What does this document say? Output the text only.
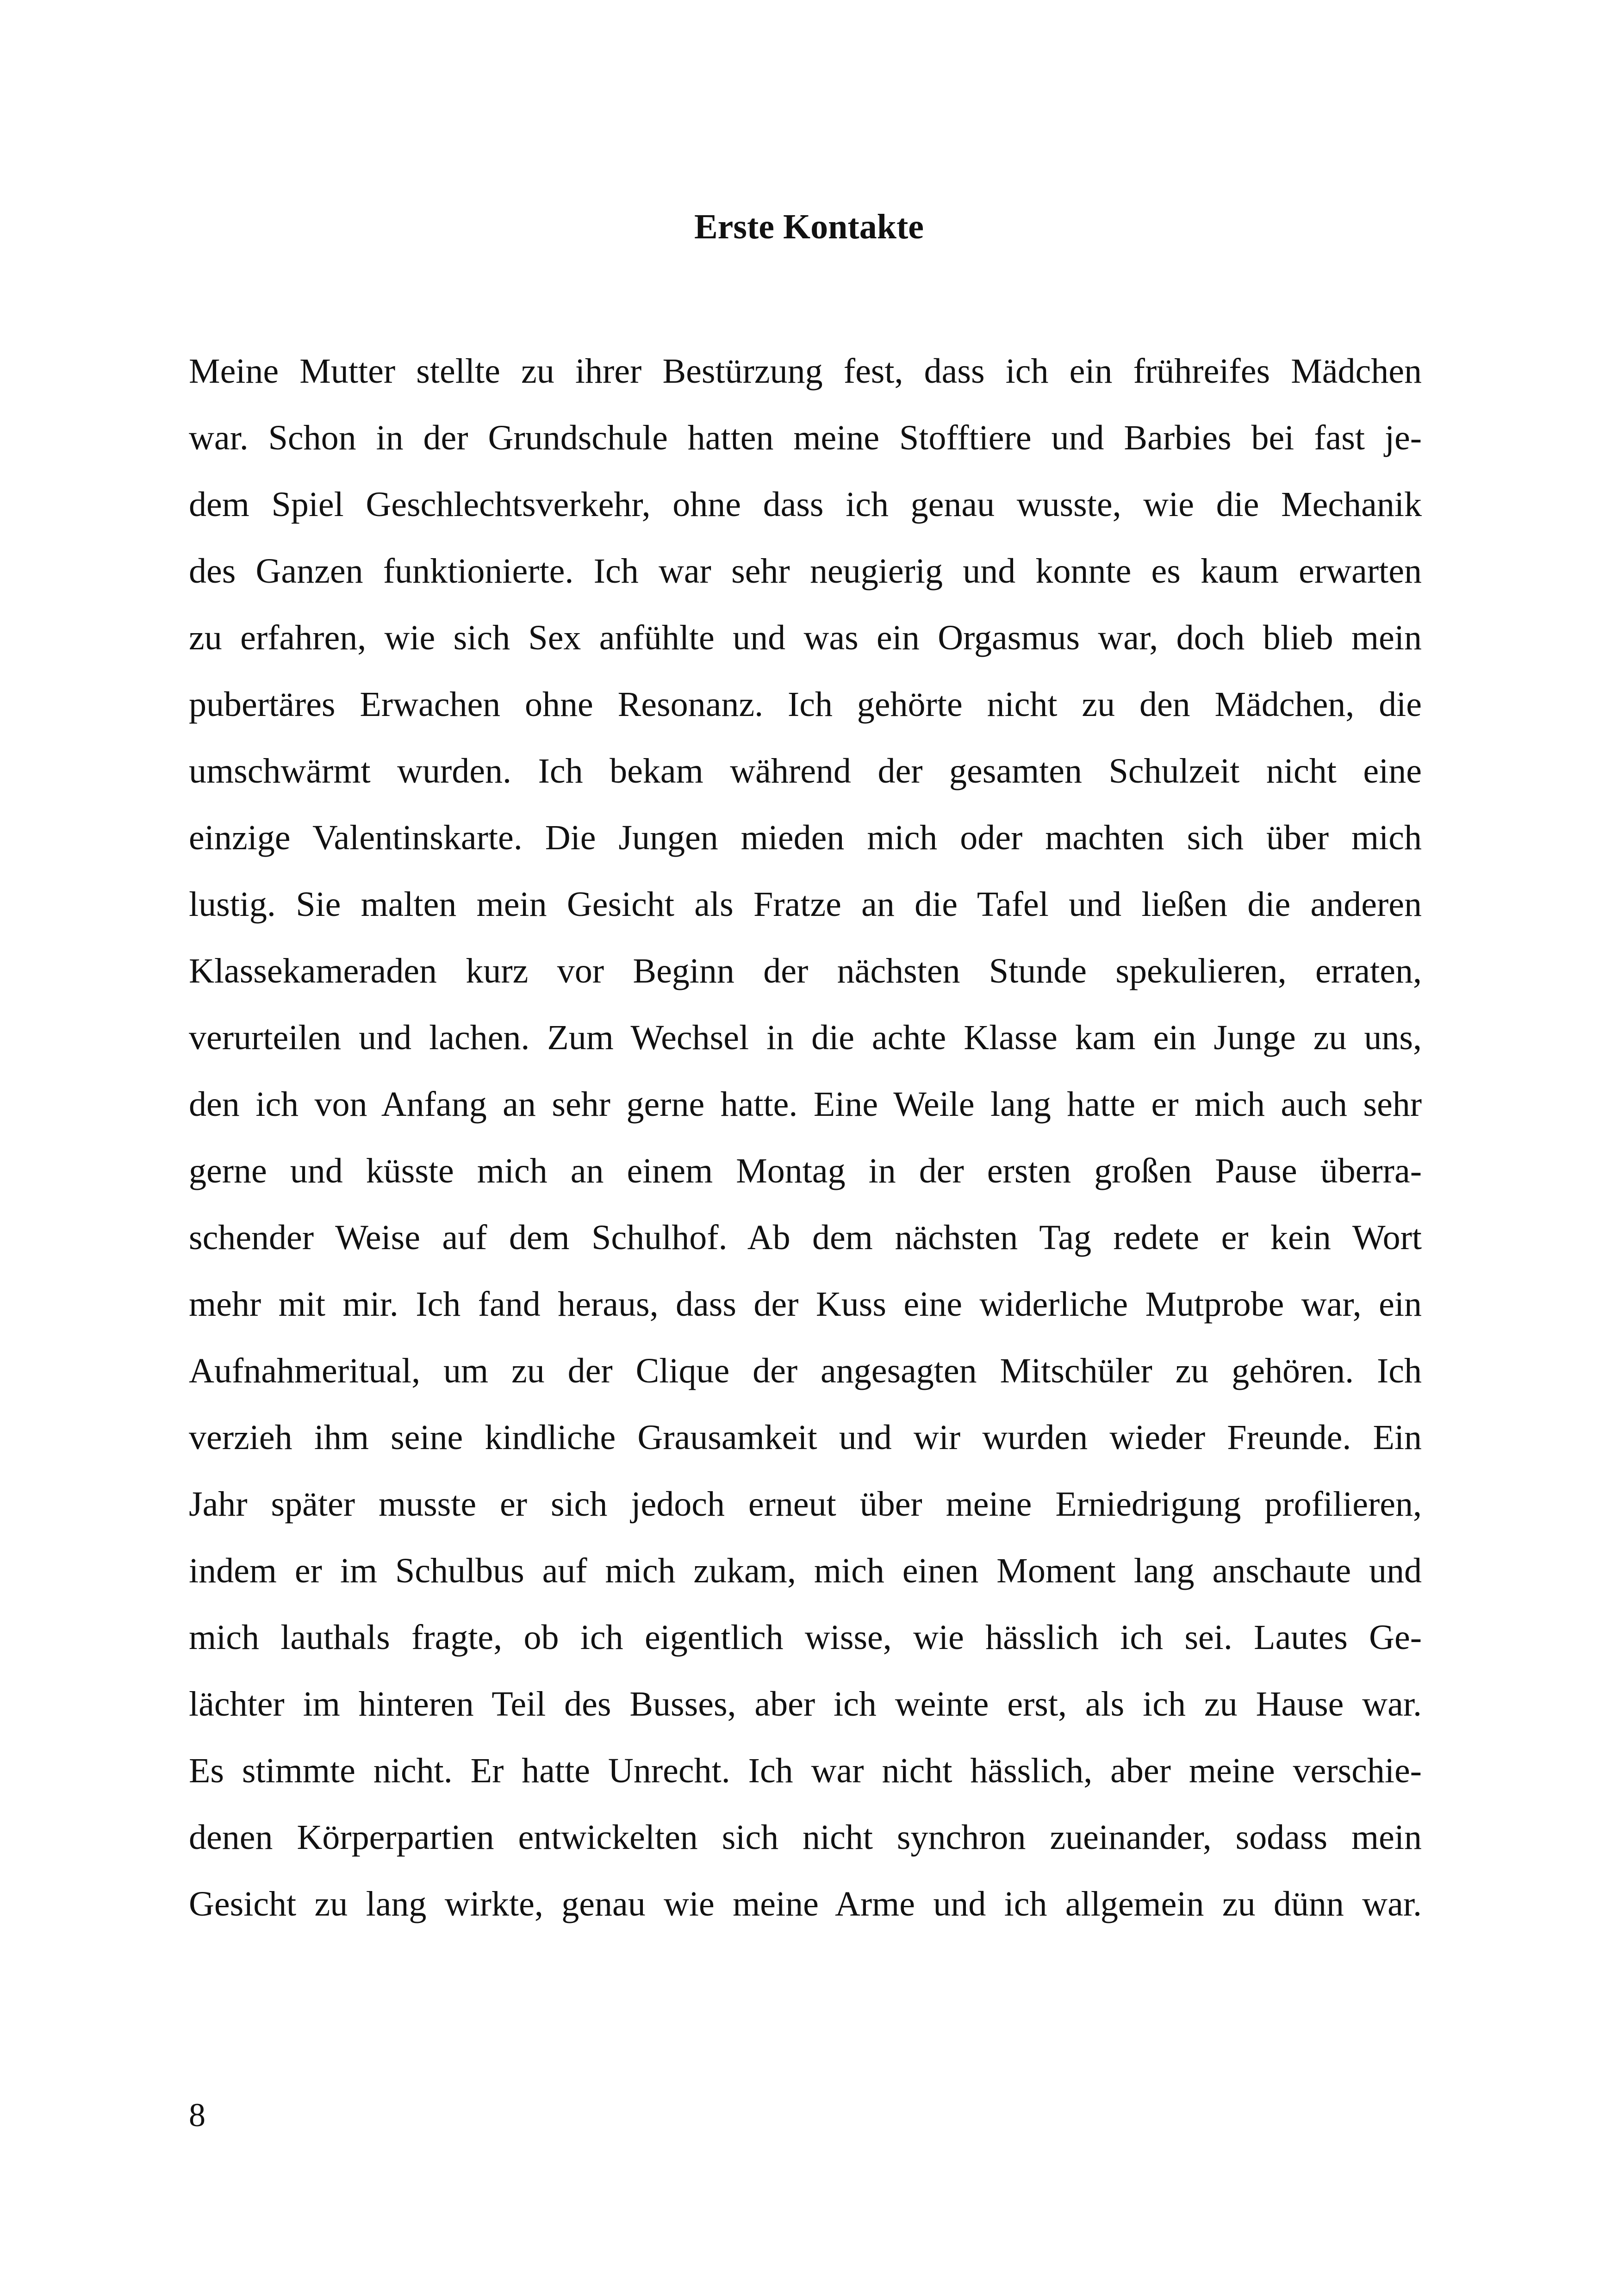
Erste Kontakte
Meine Mutter stellte zu ihrer Bestürzung fest, dass ich ein frühreifes Mädchen
war. Schon in der Grundschule hatten meine Stofftiere und Barbies bei fast je-
dem Spiel Geschlechtsverkehr, ohne dass ich genau wusste, wie die Mechanik
des Ganzen funktionierte. Ich war sehr neugierig und konnte es kaum erwarten
zu erfahren, wie sich Sex anfühlte und was ein Orgasmus war, doch blieb mein
pubertäres Erwachen ohne Resonanz. Ich gehörte nicht zu den Mädchen, die
umschwärmt wurden. Ich bekam während der gesamten Schulzeit nicht eine
einzige Valentinskarte. Die Jungen mieden mich oder machten sich über mich
lustig. Sie malten mein Gesicht als Fratze an die Tafel und ließen die anderen
Klassekameraden kurz vor Beginn der nächsten Stunde spekulieren, erraten,
verurteilen und lachen. Zum Wechsel in die achte Klasse kam ein Junge zu uns,
den ich von Anfang an sehr gerne hatte. Eine Weile lang hatte er mich auch sehr
gerne und küsste mich an einem Montag in der ersten großen Pause überra-
schender Weise auf dem Schulhof. Ab dem nächsten Tag redete er kein Wort
mehr mit mir. Ich fand heraus, dass der Kuss eine widerliche Mutprobe war, ein
Aufnahmeritual, um zu der Clique der angesagten Mitschüler zu gehören. Ich
verzieh ihm seine kindliche Grausamkeit und wir wurden wieder Freunde. Ein
Jahr später musste er sich jedoch erneut über meine Erniedrigung profilieren,
indem er im Schulbus auf mich zukam, mich einen Moment lang anschaute und
mich lauthals fragte, ob ich eigentlich wisse, wie hässlich ich sei. Lautes Ge-
lächter im hinteren Teil des Busses, aber ich weinte erst, als ich zu Hause war.
Es stimmte nicht. Er hatte Unrecht. Ich war nicht hässlich, aber meine verschie-
denen Körperpartien entwickelten sich nicht synchron zueinander, sodass mein
Gesicht zu lang wirkte, genau wie meine Arme und ich allgemein zu dünn war.

8
